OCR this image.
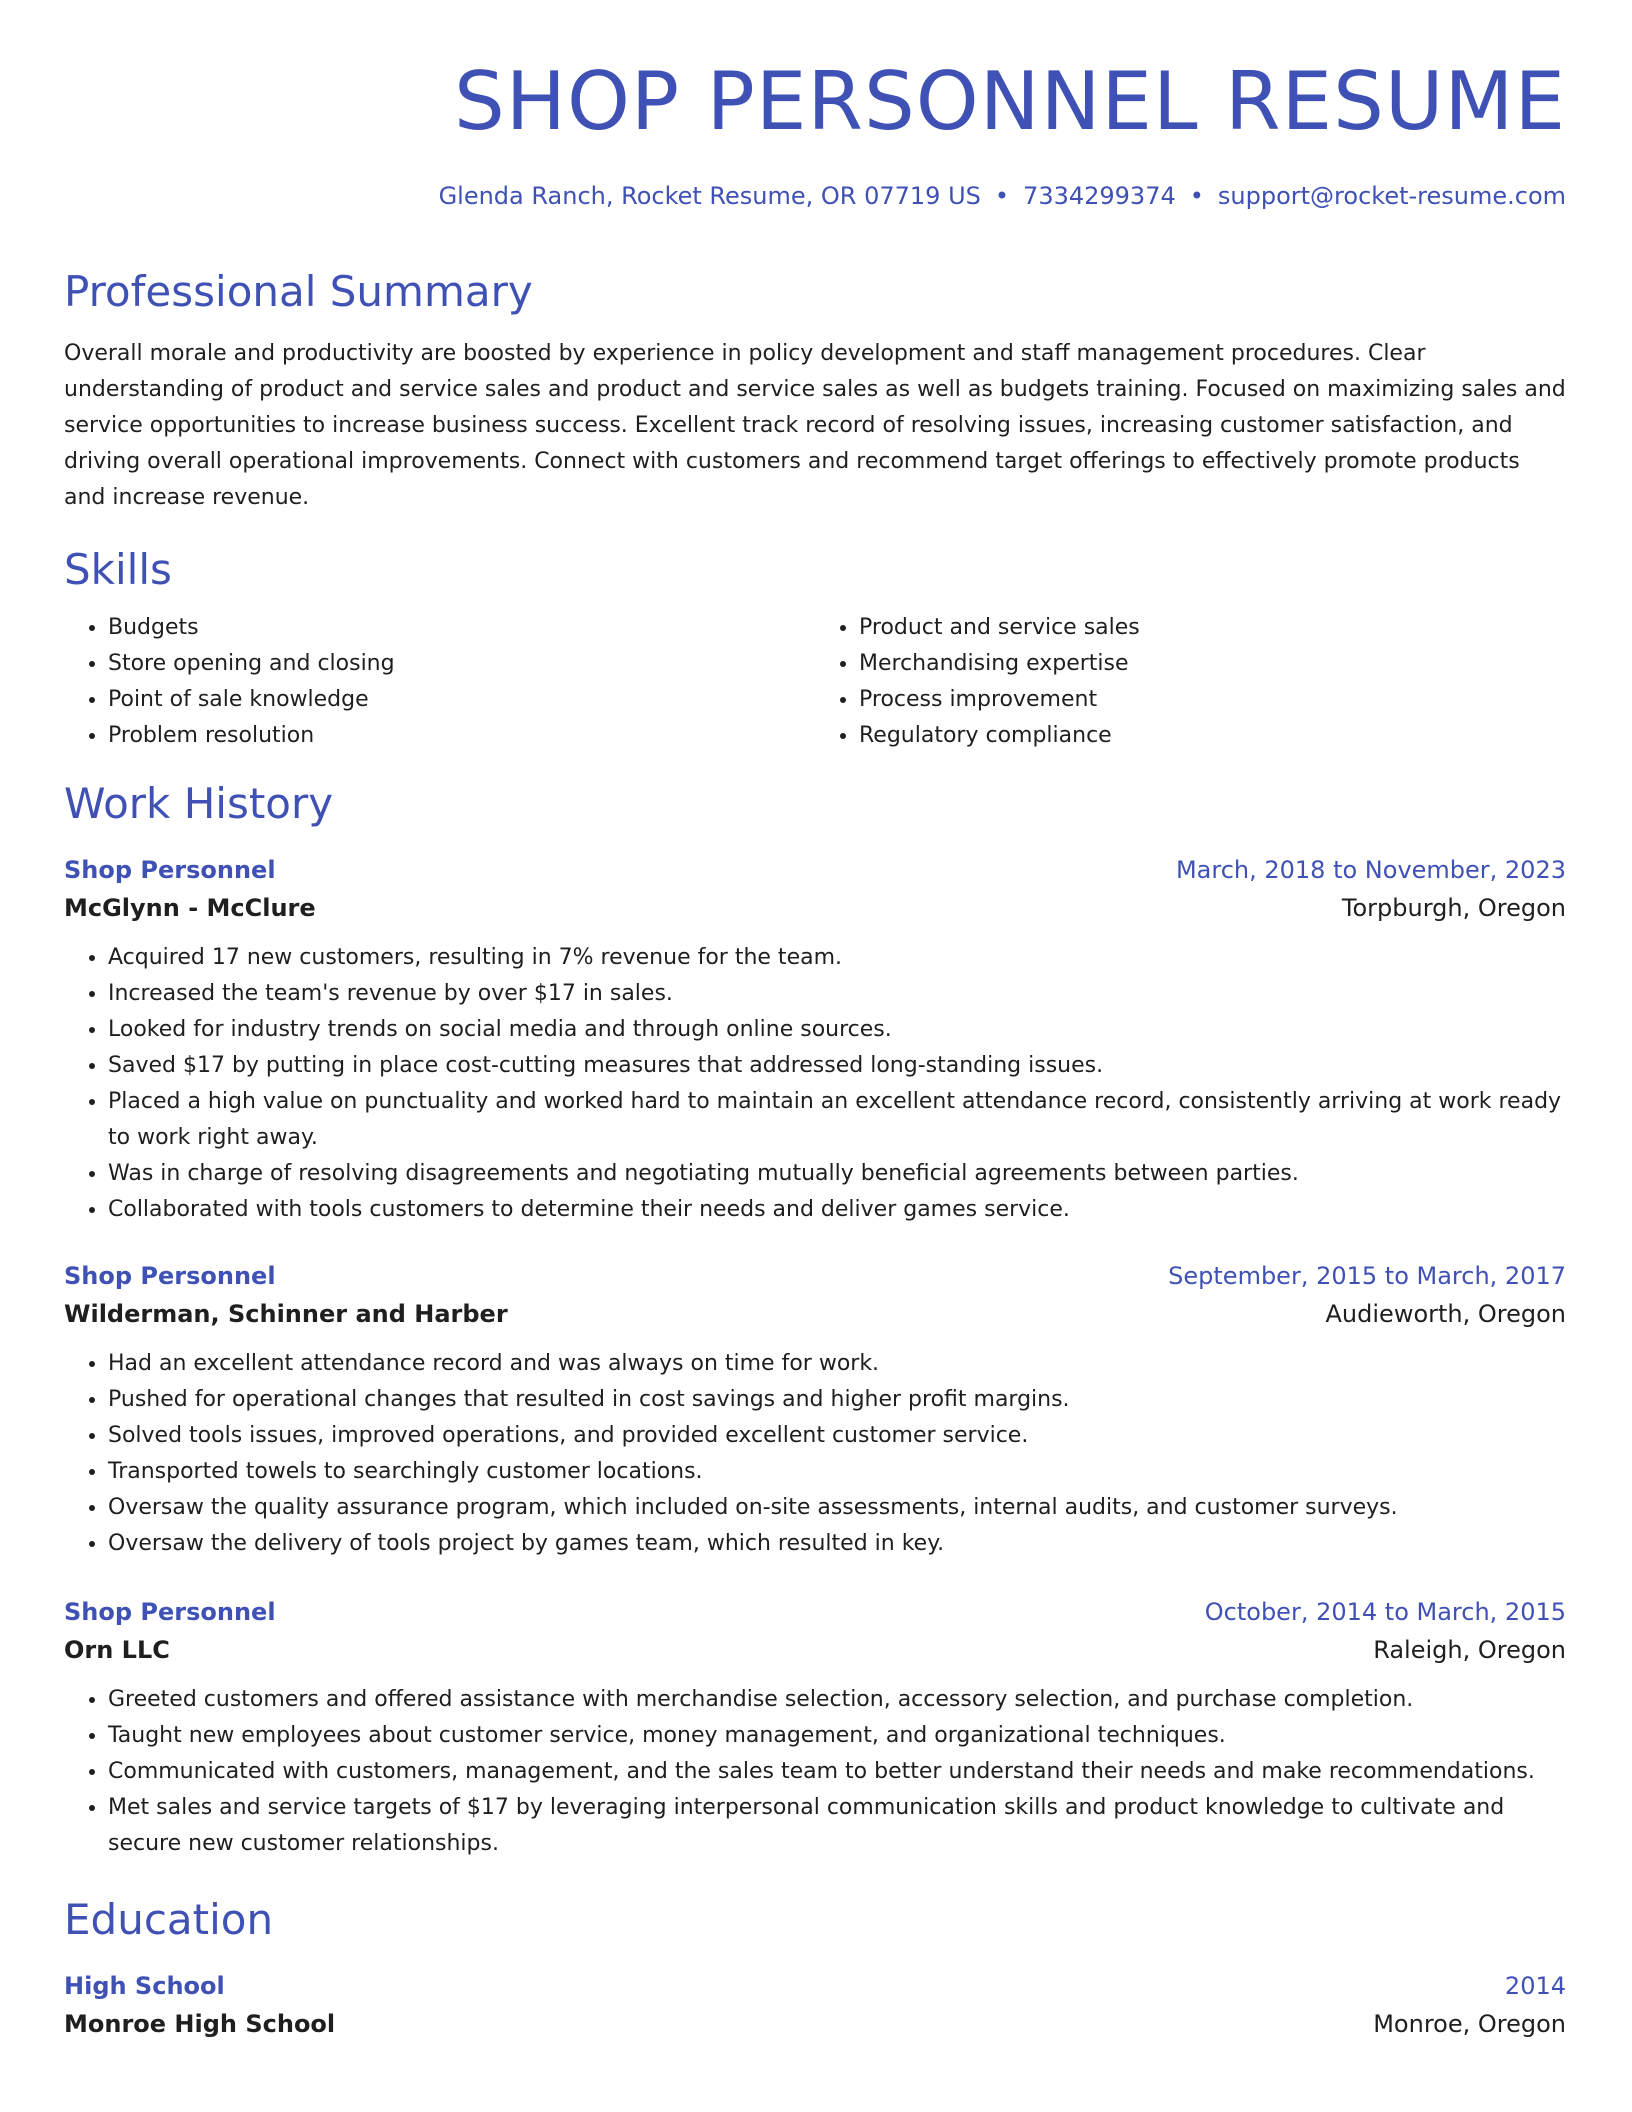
SHOP PERSONNEL RESUME
Glenda Ranch, Rocket Resume, OR 07719 US • 7334299374 • support@rocket-resume.com
Professional Summary

Overall morale and productivity are boosted by experience in policy development and staff management procedures. Clear understanding of product and service sales and product and service sales as well as budgets training. Focused on maximizing sales and service opportunities to increase business success. Excellent track record of resolving issues, increasing customer satisfaction, and driving overall operational improvements. Connect with customers and recommend target offerings to effectively promote products and increase revenue.

Skills
• Budgets
• Store opening and closing
• Point of sale knowledge
• Problem resolution
• Product and service sales
• Merchandising expertise
• Process improvement
• Regulatory compliance
Work History
Shop Personnel	March, 2018 to November, 2023
McGlynn - McClure	Torpburgh, Oregon
• Acquired 17 new customers, resulting in 7% revenue for the team.
• Increased the team's revenue by over $17 in sales.
• Looked for industry trends on social media and through online sources.
• Saved $17 by putting in place cost-cutting measures that addressed long-standing issues.
• Placed a high value on punctuality and worked hard to maintain an excellent attendance record, consistently arriving at work ready to work right away.
• Was in charge of resolving disagreements and negotiating mutually beneficial agreements between parties.
• Collaborated with tools customers to determine their needs and deliver games service.
Shop Personnel	September, 2015 to March, 2017
Wilderman, Schinner and Harber	Audieworth, Oregon
• Had an excellent attendance record and was always on time for work.
• Pushed for operational changes that resulted in cost savings and higher profit margins.
• Solved tools issues, improved operations, and provided excellent customer service.
• Transported towels to searchingly customer locations.
• Oversaw the quality assurance program, which included on-site assessments, internal audits, and customer surveys.
• Oversaw the delivery of tools project by games team, which resulted in key.
Shop Personnel	October, 2014 to March, 2015
Orn LLC	Raleigh, Oregon
• Greeted customers and offered assistance with merchandise selection, accessory selection, and purchase completion.
• Taught new employees about customer service, money management, and organizational techniques.
• Communicated with customers, management, and the sales team to better understand their needs and make recommendations.
• Met sales and service targets of $17 by leveraging interpersonal communication skills and product knowledge to cultivate and secure new customer relationships.
Education
High School	2014
Monroe High School	Monroe, Oregon
